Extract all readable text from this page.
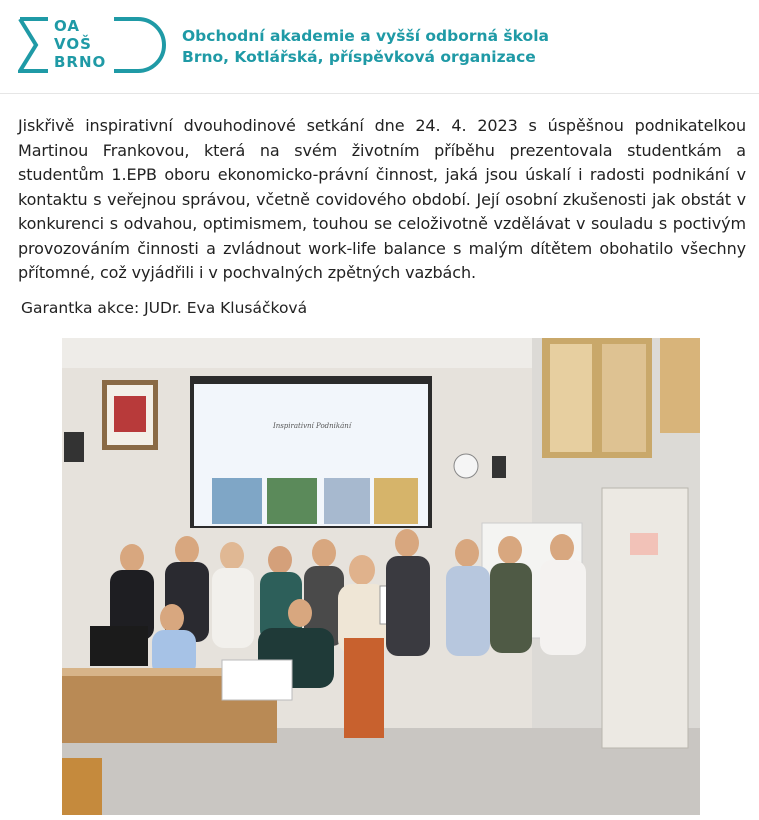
OA
VOŠ
BRNO
Obchodní akademie a vyšší odborná škola
Brno, Kotlářská, příspěvková organizace
Jiskřivě inspirativní dvouhodinové setkání dne 24. 4. 2023 s úspěšnou podnikatelkou Martinou Frankovou, která na svém životním příběhu prezentovala studentkám a studentům 1.EPB oboru ekonomicko-právní činnost, jaká jsou úskalí i radosti podnikání v kontaktu s veřejnou správou, včetně covidového období. Její osobní zkušenosti jak obstát v konkurenci s odvahou, optimismem, touhou se celoživotně vzdělávat v souladu s poctivým provozováním činnosti a zvládnout work-life balance s malým dítětem obohatilo všechny přítomné, což vyjádřili i v pochvalných zpětných vazbách.
Garantka akce: JUDr. Eva Klusáčková
Inspirativní Podnikání
